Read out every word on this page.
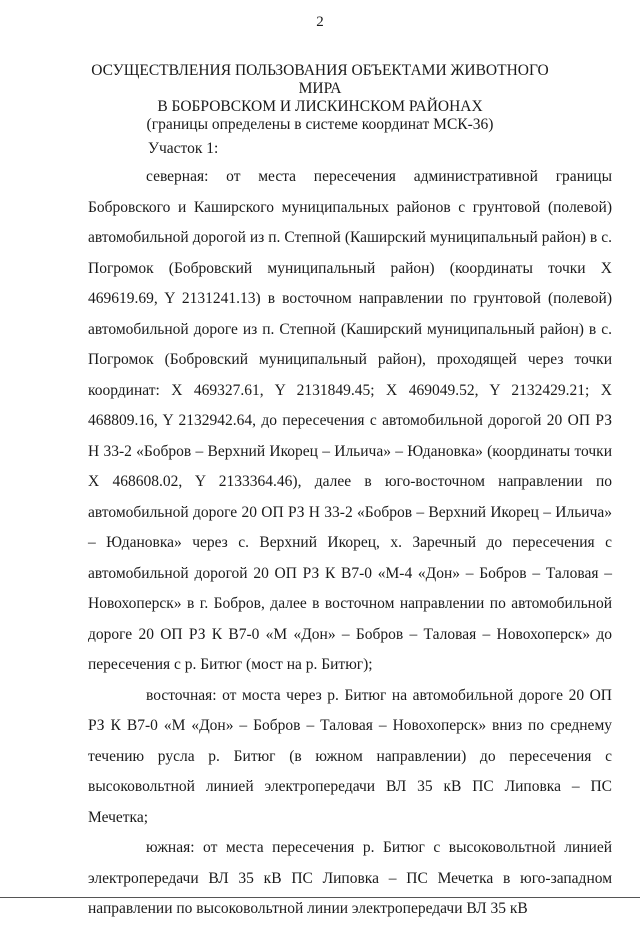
2
ОСУЩЕСТВЛЕНИЯ ПОЛЬЗОВАНИЯ ОБЪЕКТАМИ ЖИВОТНОГО МИРА
В БОБРОВСКОМ И ЛИСКИНСКОМ РАЙОНАХ
(границы определены в системе координат МСК-36)
Участок 1:

северная: от места пересечения административной границы Бобровского и Каширского муниципальных районов с грунтовой (полевой) автомобильной дорогой из п. Степной (Каширский муниципальный район) в с. Погромок (Бобровский муниципальный район) (координаты точки X 469619.69, Y 2131241.13) в восточном направлении по грунтовой (полевой) автомобильной дороге из п. Степной (Каширский муниципальный район) в с. Погромок (Бобровский муниципальный район), проходящей через точки координат: X 469327.61, Y 2131849.45; X 469049.52, Y 2132429.21; X 468809.16, Y 2132942.64, до пересечения с автомобильной дорогой 20 ОП РЗ Н 33-2 «Бобров – Верхний Икорец – Ильича» – Юдановка» (координаты точки X 468608.02, Y 2133364.46), далее в юго-восточном направлении по автомобильной дороге 20 ОП РЗ Н 33-2 «Бобров – Верхний Икорец – Ильича» – Юдановка» через с. Верхний Икорец, х. Заречный до пересечения с автомобильной дорогой 20 ОП РЗ К В7-0 «М-4 «Дон» – Бобров – Таловая – Новохоперск» в г. Бобров, далее в восточном направлении по автомобильной дороге 20 ОП РЗ К В7-0 «М «Дон» – Бобров – Таловая – Новохоперск» до пересечения с р. Битюг (мост на р. Битюг);

восточная: от моста через р. Битюг на автомобильной дороге 20 ОП РЗ К В7-0 «М «Дон» – Бобров – Таловая – Новохоперск» вниз по среднему течению русла р. Битюг (в южном направлении) до пересечения с высоковольтной линией электропередачи ВЛ 35 кВ ПС Липовка – ПС Мечетка;

южная: от места пересечения р. Битюг с высоковольтной линией электропередачи ВЛ 35 кВ ПС Липовка – ПС Мечетка в юго-западном направлении по высоковольтной линии электропередачи ВЛ 35 кВ
